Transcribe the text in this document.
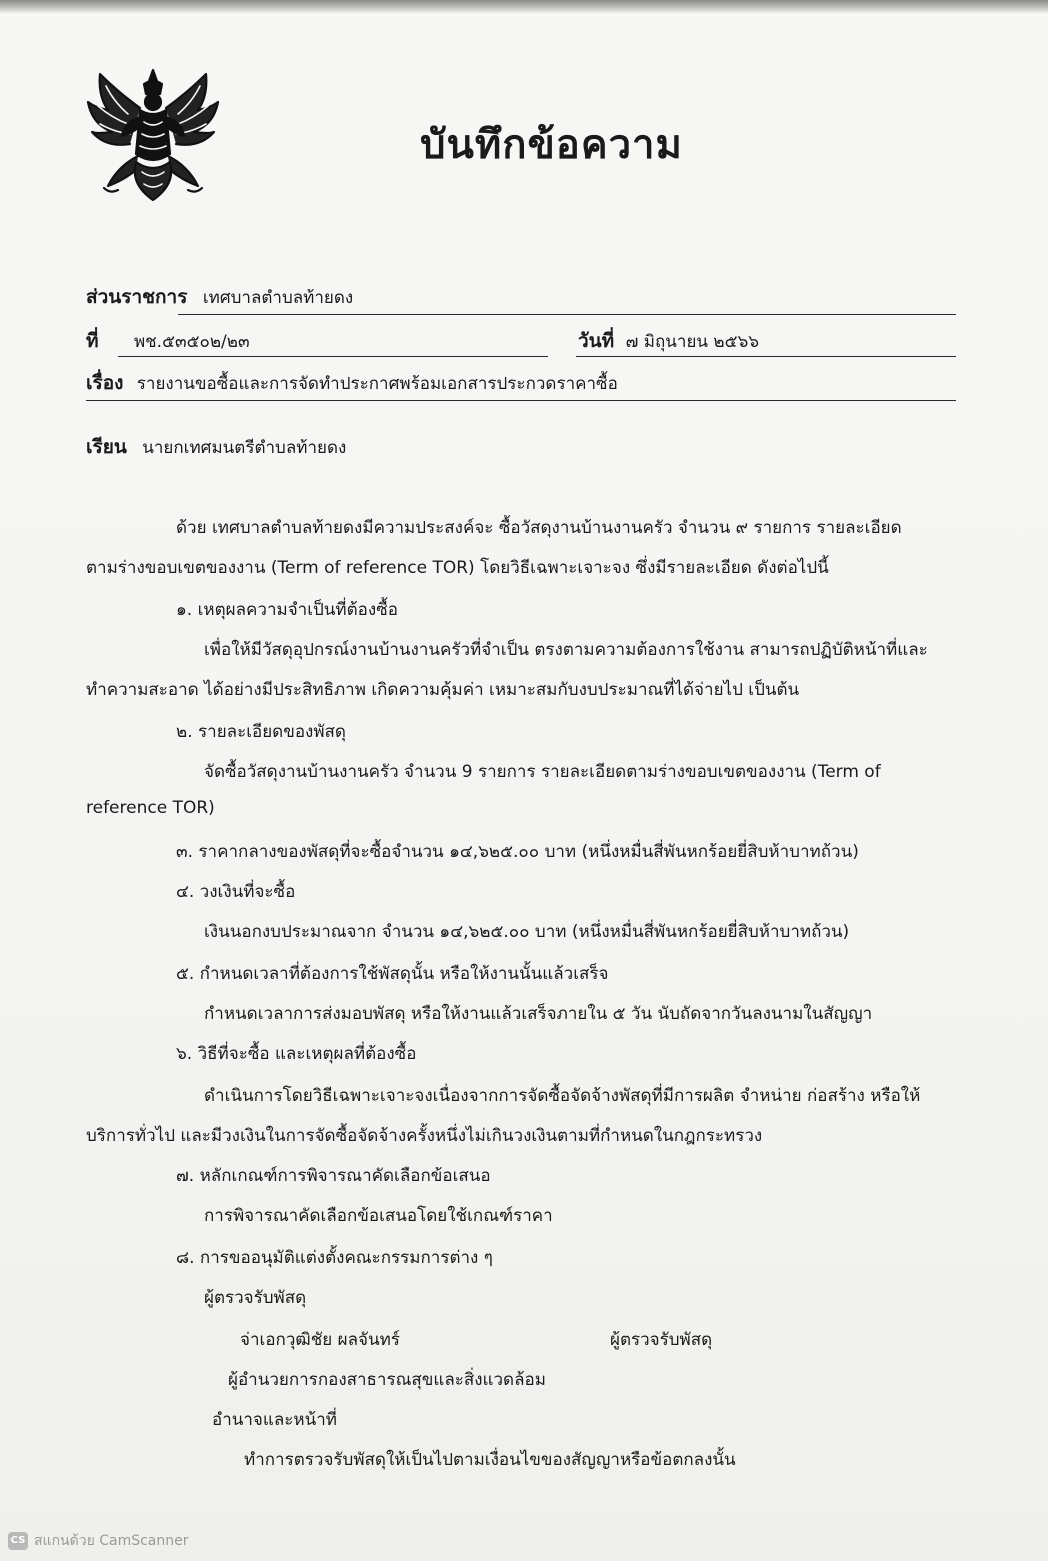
บันทึกข้อความ
ส่วนราชการ เทศบาลตำบลท้ายดง
ที่ พช.๕๓๕๐๒/๒๓	วันที่ ๗ มิถุนายน ๒๕๖๖
เรื่อง รายงานขอซื้อและการจัดทำประกาศพร้อมเอกสารประกวดราคาซื้อ
เรียน นายกเทศมนตรีตำบลท้ายดง
ด้วย เทศบาลตำบลท้ายดงมีความประสงค์จะ ซื้อวัสดุงานบ้านงานครัว จำนวน ๙ รายการ รายละเอียด
ตามร่างขอบเขตของงาน (Term of reference TOR) โดยวิธีเฉพาะเจาะจง ซึ่งมีรายละเอียด ดังต่อไปนี้
๑. เหตุผลความจำเป็นที่ต้องซื้อ
เพื่อให้มีวัสดุอุปกรณ์งานบ้านงานครัวที่จำเป็น ตรงตามความต้องการใช้งาน สามารถปฏิบัติหน้าที่และ
ทำความสะอาด ได้อย่างมีประสิทธิภาพ เกิดความคุ้มค่า เหมาะสมกับงบประมาณที่ได้จ่ายไป เป็นต้น
๒. รายละเอียดของพัสดุ
จัดซื้อวัสดุงานบ้านงานครัว จำนวน 9 รายการ รายละเอียดตามร่างขอบเขตของงาน (Term of
reference TOR)
๓. ราคากลางของพัสดุที่จะซื้อจำนวน ๑๔,๖๒๕.๐๐ บาท (หนึ่งหมื่นสี่พันหกร้อยยี่สิบห้าบาทถ้วน)
๔. วงเงินที่จะซื้อ
เงินนอกงบประมาณจาก จำนวน ๑๔,๖๒๕.๐๐ บาท (หนึ่งหมื่นสี่พันหกร้อยยี่สิบห้าบาทถ้วน)
๕. กำหนดเวลาที่ต้องการใช้พัสดุนั้น หรือให้งานนั้นแล้วเสร็จ
กำหนดเวลาการส่งมอบพัสดุ หรือให้งานแล้วเสร็จภายใน ๕ วัน นับถัดจากวันลงนามในสัญญา
๖. วิธีที่จะซื้อ และเหตุผลที่ต้องซื้อ
ดำเนินการโดยวิธีเฉพาะเจาะจงเนื่องจากการจัดซื้อจัดจ้างพัสดุที่มีการผลิต จำหน่าย ก่อสร้าง หรือให้
บริการทั่วไป และมีวงเงินในการจัดซื้อจัดจ้างครั้งหนึ่งไม่เกินวงเงินตามที่กำหนดในกฎกระทรวง
๗. หลักเกณฑ์การพิจารณาคัดเลือกข้อเสนอ
การพิจารณาคัดเลือกข้อเสนอโดยใช้เกณฑ์ราคา
๘. การขออนุมัติแต่งตั้งคณะกรรมการต่าง ๆ
ผู้ตรวจรับพัสดุ
จ่าเอกวุฒิชัย ผลจันทร์	ผู้ตรวจรับพัสดุ
ผู้อำนวยการกองสาธารณสุขและสิ่งแวดล้อม
อำนาจและหน้าที่
ทำการตรวจรับพัสดุให้เป็นไปตามเงื่อนไขของสัญญาหรือข้อตกลงนั้น
CS สแกนด้วย CamScanner
